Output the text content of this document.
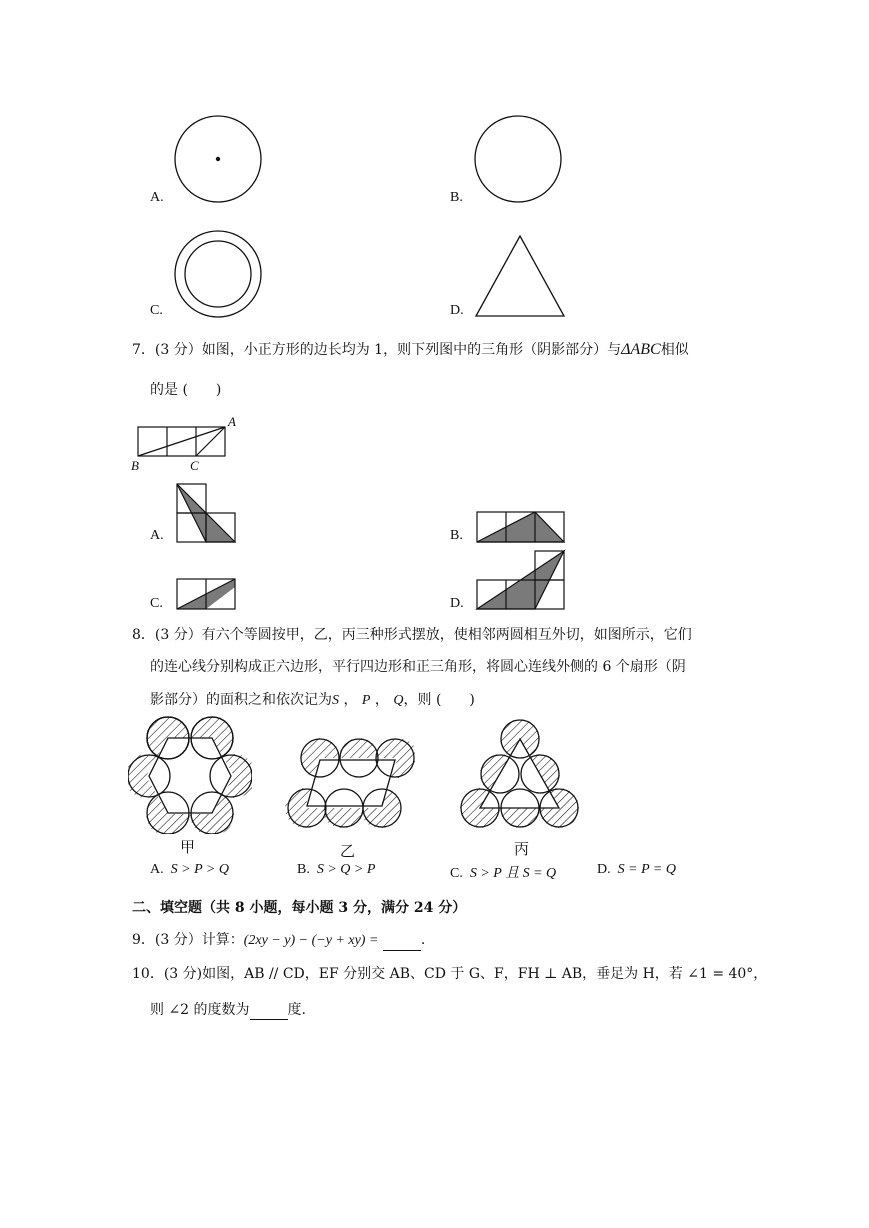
A.	B.
C.	D.
7．(3 分）如图，小正方形的边长均为 1，则下列图中的三角形（阴影部分）与ΔABC相似
的是 (　　)
A
B	C
A.	B.
C.	D.
8．(3 分）有六个等圆按甲，乙，丙三种形式摆放，使相邻两圆相互外切，如图所示，它们
的连心线分别构成正六边形，平行四边形和正三角形，将圆心连线外侧的 6 个扇形（阴
影部分）的面积之和依次记为S ， P ， Q，则 (　　)
甲	乙	丙
A. S > P > Q	B. S > Q > P	C. S > P 且 S = Q	D. S = P = Q
二、填空题（共 8 小题，每小题 3 分，满分 24 分）
9．(3 分）计算：(2xy − y) − (−y + xy) =	.
10．(3 分)如图，AB // CD，EF 分别交 AB、CD 于 G、F，FH ⊥ AB，垂足为 H，若 ∠1 = 40°，
则 ∠2 的度数为	度.
